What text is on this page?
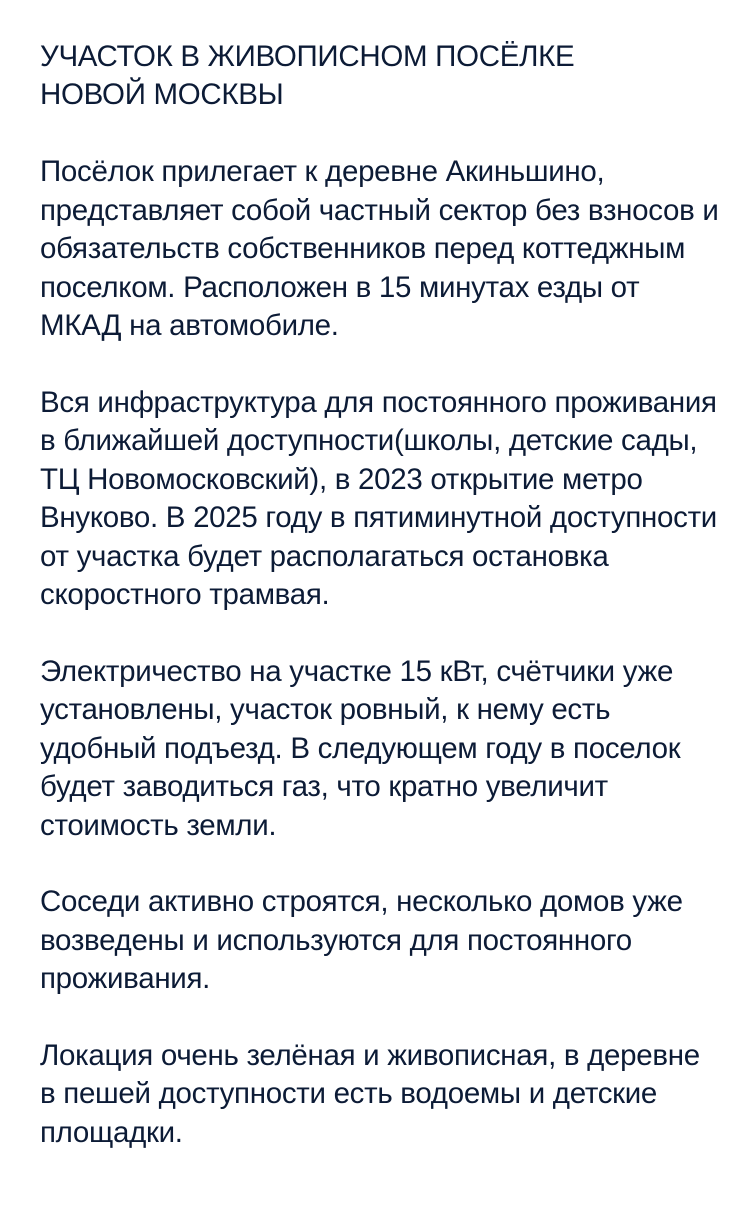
УЧАСТОК В ЖИВОПИСНОМ ПОСЁЛКЕ
НОВОЙ МОСКВЫ

Посёлок прилегает к деревне Акиньшино, представляет собой частный сектор без взносов и обязательств собственников перед коттеджным поселком. Расположен в 15 минутах езды от МКАД на автомобиле.

Вся инфраструктура для постоянного проживания в ближайшей доступности(школы, детские сады, ТЦ Новомосковский), в 2023 открытие метро Внуково. В 2025 году в пятиминутной доступности от участка будет располагаться остановка скоростного трамвая.

Электричество на участке 15 кВт, счётчики уже установлены, участок ровный, к нему есть удобный подъезд. В следующем году в поселок будет заводиться газ, что кратно увеличит стоимость земли.

Соседи активно строятся, несколько домов уже возведены и используются для постоянного проживания.

Локация очень зелёная и живописная, в деревне в пешей доступности есть водоемы и детские площадки.
